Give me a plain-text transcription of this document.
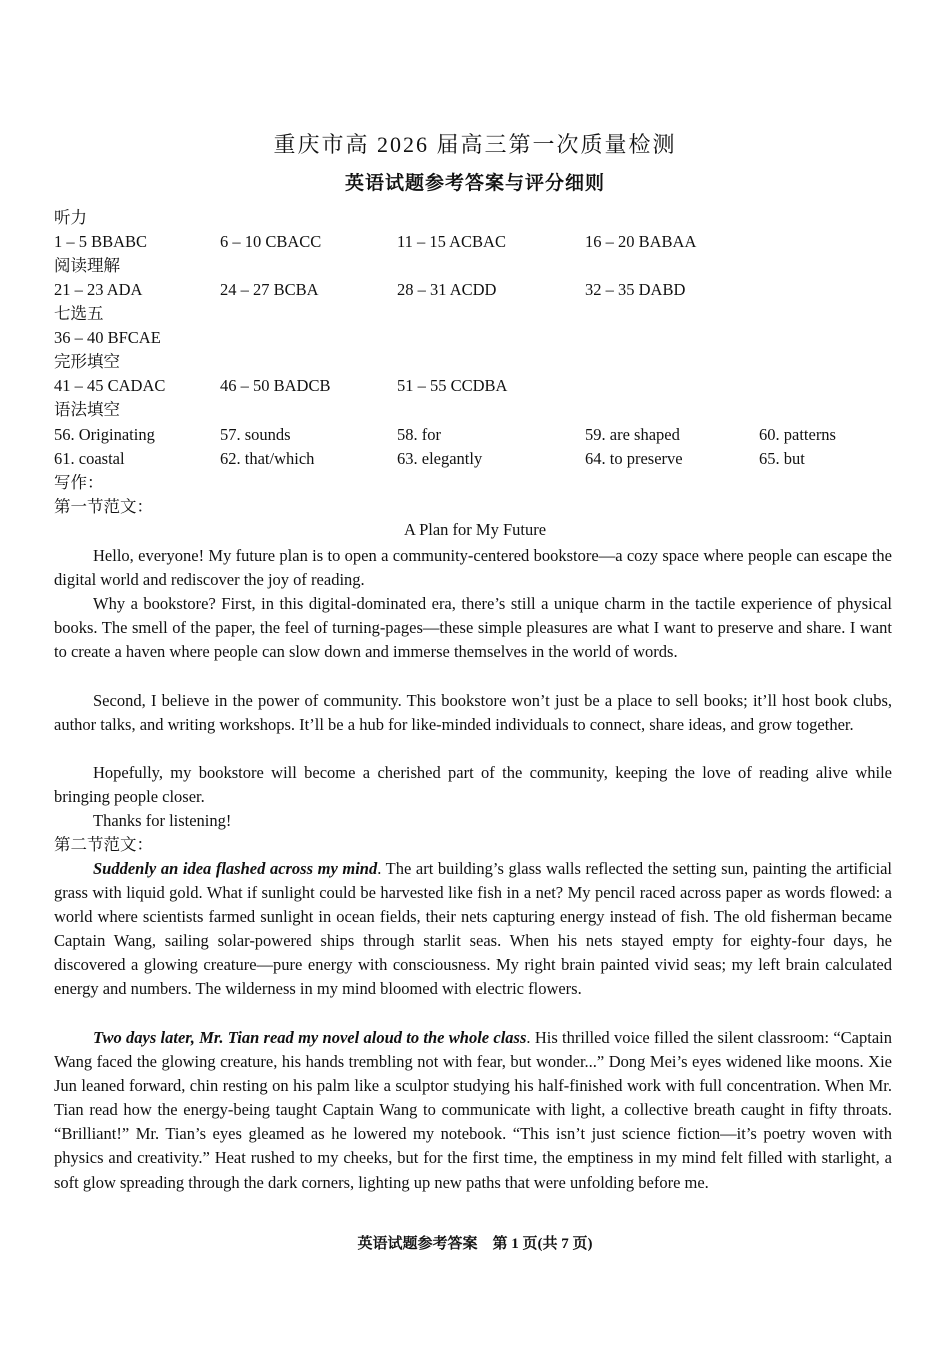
重庆市高 2026 届高三第一次质量检测
英语试题参考答案与评分细则
听力
1 – 5 BBABC	6 – 10 CBACC	11 – 15 ACBAC	16 – 20 BABAA
阅读理解
21 – 23 ADA	24 – 27 BCBA	28 – 31 ACDD	32 – 35 DABD
七选五
36 – 40 BFCAE
完形填空
41 – 45 CADAC	46 – 50 BADCB	51 – 55 CCDBA
语法填空
56. Originating	57. sounds	58. for	59. are shaped	60. patterns
61. coastal	62. that/which	63. elegantly	64. to preserve	65. but
写作：
第一节范文：
A Plan for My Future

Hello, everyone! My future plan is to open a community-centered bookstore—a cozy space where people can escape the digital world and rediscover the joy of reading.

Why a bookstore? First, in this digital-dominated era, there’s still a unique charm in the tactile experience of physical books. The smell of the paper, the feel of turning-pages—these simple pleasures are what I want to preserve and share. I want to create a haven where people can slow down and immerse themselves in the world of words.

Second, I believe in the power of community. This bookstore won’t just be a place to sell books; it’ll host book clubs, author talks, and writing workshops. It’ll be a hub for like-minded individuals to connect, share ideas, and grow together.

Hopefully, my bookstore will become a cherished part of the community, keeping the love of reading alive while bringing people closer.

Thanks for listening!

第二节范文：

Suddenly an idea flashed across my mind. The art building’s glass walls reflected the setting sun, painting the artificial grass with liquid gold. What if sunlight could be harvested like fish in a net? My pencil raced across paper as words flowed: a world where scientists farmed sunlight in ocean fields, their nets capturing energy instead of fish. The old fisherman became Captain Wang, sailing solar-powered ships through starlit seas. When his nets stayed empty for eighty-four days, he discovered a glowing creature—pure energy with consciousness. My right brain painted vivid seas; my left brain calculated energy and numbers. The wilderness in my mind bloomed with electric flowers.

Two days later, Mr. Tian read my novel aloud to the whole class. His thrilled voice filled the silent classroom: “Captain Wang faced the glowing creature, his hands trembling not with fear, but wonder...” Dong Mei’s eyes widened like moons. Xie Jun leaned forward, chin resting on his palm like a sculptor studying his half-finished work with full concentration. When Mr. Tian read how the energy-being taught Captain Wang to communicate with light, a collective breath caught in fifty throats. “Brilliant!” Mr. Tian’s eyes gleamed as he lowered my notebook. “This isn’t just science fiction—it’s poetry woven with physics and creativity.” Heat rushed to my cheeks, but for the first time, the emptiness in my mind felt filled with starlight, a soft glow spreading through the dark corners, lighting up new paths that were unfolding before me.

英语试题参考答案　第 1 页(共 7 页)
